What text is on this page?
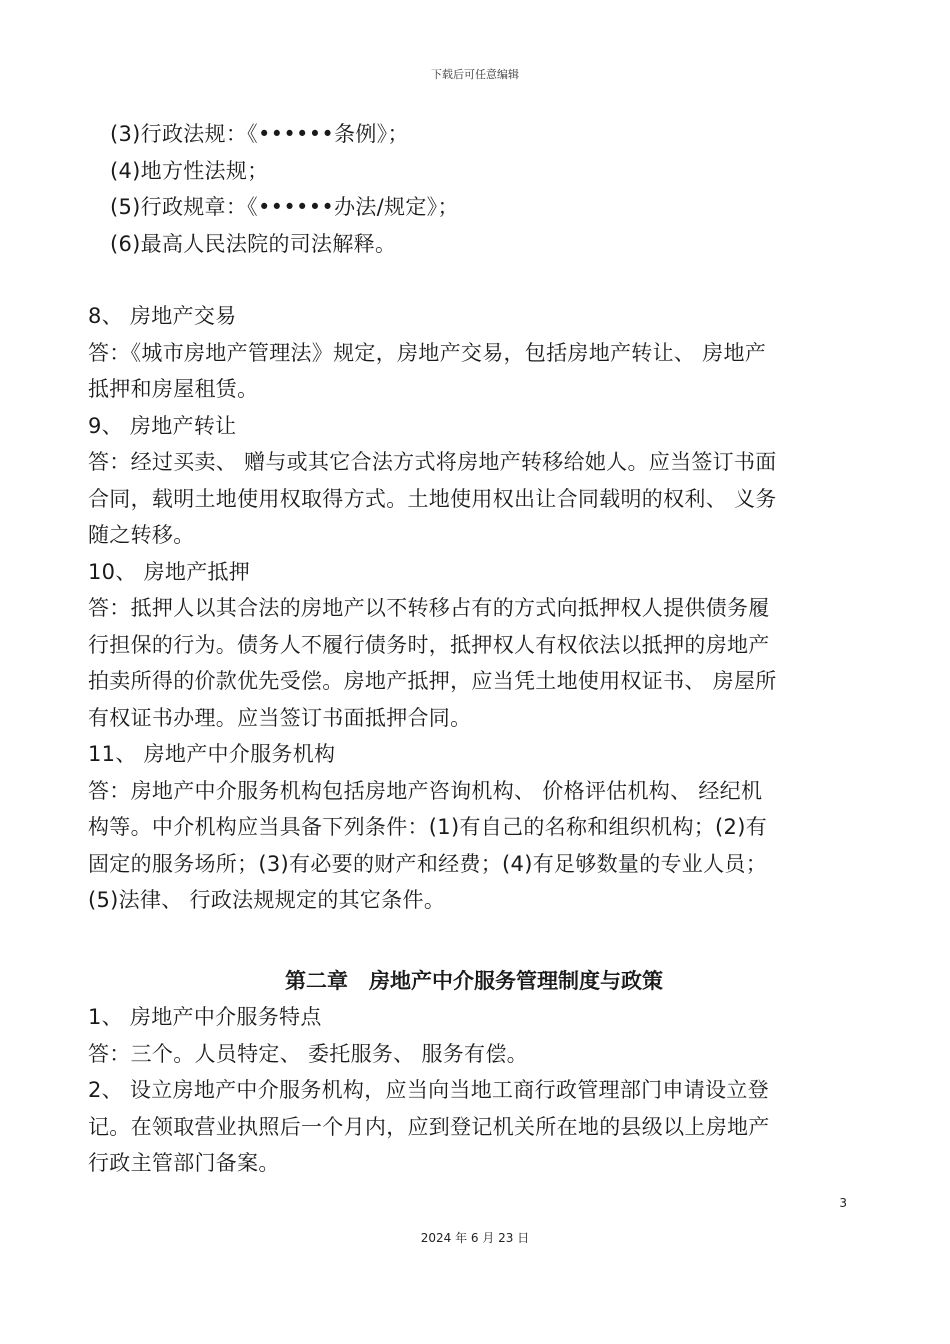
下载后可任意编辑
(3)行政法规：《••••••条例》；
(4)地方性法规；
(5)行政规章：《••••••办法/规定》；
(6)最高人民法院的司法解释。
8、 房地产交易
答：《城市房地产管理法》规定，房地产交易，包括房地产转让、 房地产
抵押和房屋租赁。
9、 房地产转让
答：经过买卖、 赠与或其它合法方式将房地产转移给她人。应当签订书面
合同，载明土地使用权取得方式。土地使用权出让合同载明的权利、 义务
随之转移。
10、 房地产抵押
答：抵押人以其合法的房地产以不转移占有的方式向抵押权人提供债务履
行担保的行为。债务人不履行债务时，抵押权人有权依法以抵押的房地产
拍卖所得的价款优先受偿。房地产抵押，应当凭土地使用权证书、 房屋所
有权证书办理。应当签订书面抵押合同。
11、 房地产中介服务机构
答：房地产中介服务机构包括房地产咨询机构、 价格评估机构、 经纪机
构等。中介机构应当具备下列条件：(1)有自己的名称和组织机构；(2)有
固定的服务场所；(3)有必要的财产和经费；(4)有足够数量的专业人员；
(5)法律、 行政法规规定的其它条件。
第二章　房地产中介服务管理制度与政策
1、 房地产中介服务特点
答：三个。人员特定、 委托服务、 服务有偿。
2、 设立房地产中介服务机构，应当向当地工商行政管理部门申请设立登
记。在领取营业执照后一个月内，应到登记机关所在地的县级以上房地产
行政主管部门备案。
3
2024 年 6 月 23 日
